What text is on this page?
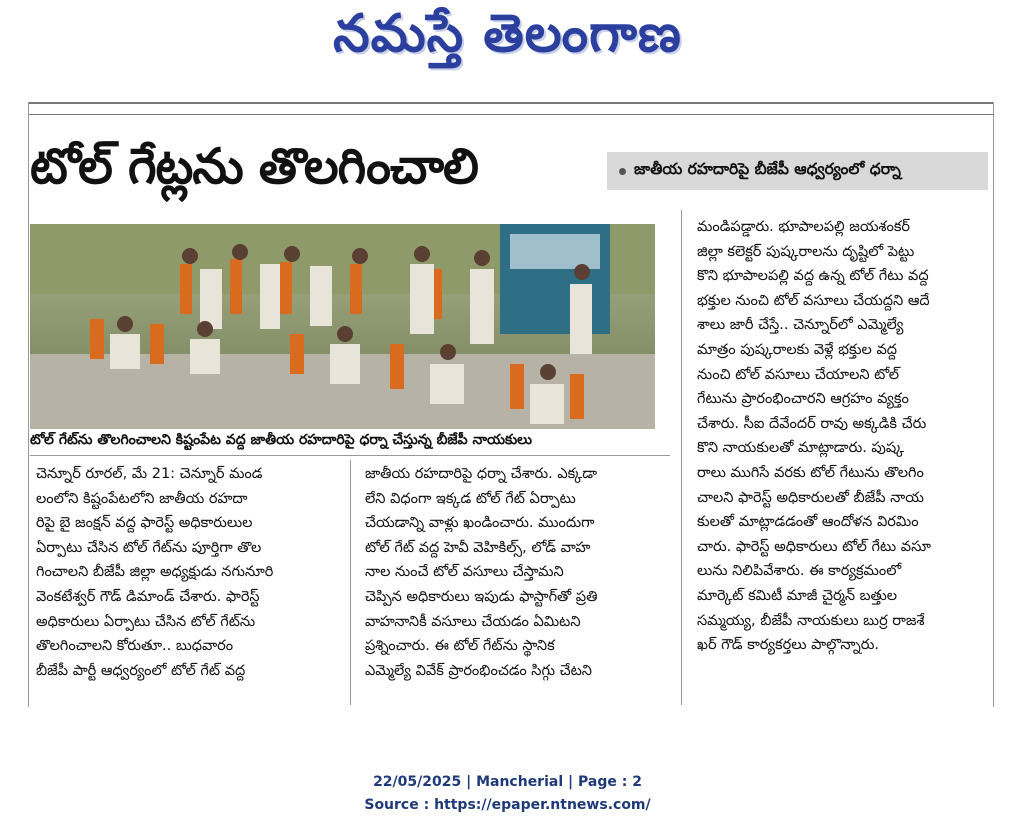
నమస్తే తెలంగాణ
టోల్ గేట్లను తొలగించాలి	జాతీయ రహదారిపై బీజేపీ ఆధ్వర్యంలో ధర్నా
టోల్ గేట్‌ను తొలగించాలని కిష్టంపేట వద్ద జాతీయ రహదారిపై ధర్నా చేస్తున్న బీజేపీ నాయకులు

చెన్నూర్ రూరల్, మే 21: చెన్నూర్ మండ

లంలోని కిష్టంపేటలోని జాతీయ రహదా

రిపై బై జంక్షన్ వద్ద ఫారెస్ట్ అధికారులుల

ఏర్పాటు చేసిన టోల్ గేట్‌ను పూర్తిగా తొల

గించాలని బీజేపీ జిల్లా అధ్యక్షుడు నగునూరి

వెంకటేశ్వర్ గౌడ్ డిమాండ్ చేశారు. ఫారెస్ట్

అధికారులు ఏర్పాటు చేసిన టోల్ గేట్‌ను

తొలగించాలని కోరుతూ.. బుధవారం

బీజేపీ పార్టీ ఆధ్వర్యంలో టోల్ గేట్ వద్ద

జాతీయ రహదారిపై ధర్నా చేశారు. ఎక్కడా

లేని విధంగా ఇక్కడ టోల్ గేట్ ఏర్పాటు

చేయడాన్ని వాళ్లు ఖండించారు. ముందుగా

టోల్ గేట్ వద్ద హెవీ వెహికిల్స్, లోడ్ వాహ

నాల నుంచే టోల్ వసూలు చేస్తామని

చెప్పిన అధికారులు ఇపుడు ఫాస్టాగ్‌తో ప్రతి

వాహనానికీ వసూలు చేయడం ఏమిటని

ప్రశ్నించారు. ఈ టోల్ గేట్‌ను స్థానిక

ఎమ్మెల్యే వివేక్ ప్రారంభించడం సిగ్గు చేటని

మండిపడ్డారు. భూపాలపల్లి జయశంకర్

జిల్లా కలెక్టర్ పుష్కరాలను దృష్టిలో పెట్టు

కొని భూపాలపల్లి వద్ద ఉన్న టోల్ గేటు వద్ద

భక్తుల నుంచి టోల్ వసూలు చేయద్దని ఆదే

శాలు జారీ చేస్తే.. చెన్నూర్‌లో ఎమ్మెల్యే

మాత్రం పుష్కరాలకు వెళ్లే భక్తుల వద్ద

నుంచి టోల్ వసూలు చేయాలని టోల్

గేటును ప్రారంభించారని ఆగ్రహం వ్యక్తం

చేశారు. సీఐ దేవేందర్ రావు అక్కడికి చేరు

కొని నాయకులతో మాట్లాడారు. పుష్క

రాలు ముగిసే వరకు టోల్ గేటును తొలగిం

చాలని ఫారెస్ట్ అధికారులతో బీజేపీ నాయ

కులతో మాట్లాడడంతో ఆందోళన విరమిం

చారు. ఫారెస్ట్ అధికారులు టోల్ గేటు వసూ

లును నిలిపివేశారు. ఈ కార్యక్రమంలో

మార్కెట్ కమిటీ మాజీ చైర్మన్ బత్తుల

సమ్మయ్య, బీజేపీ నాయకులు బుర్ర రాజశే

ఖర్ గౌడ్ కార్యకర్తలు పాల్గొన్నారు.

22/05/2025 | Mancherial | Page : 2
Source : https://epaper.ntnews.com/
